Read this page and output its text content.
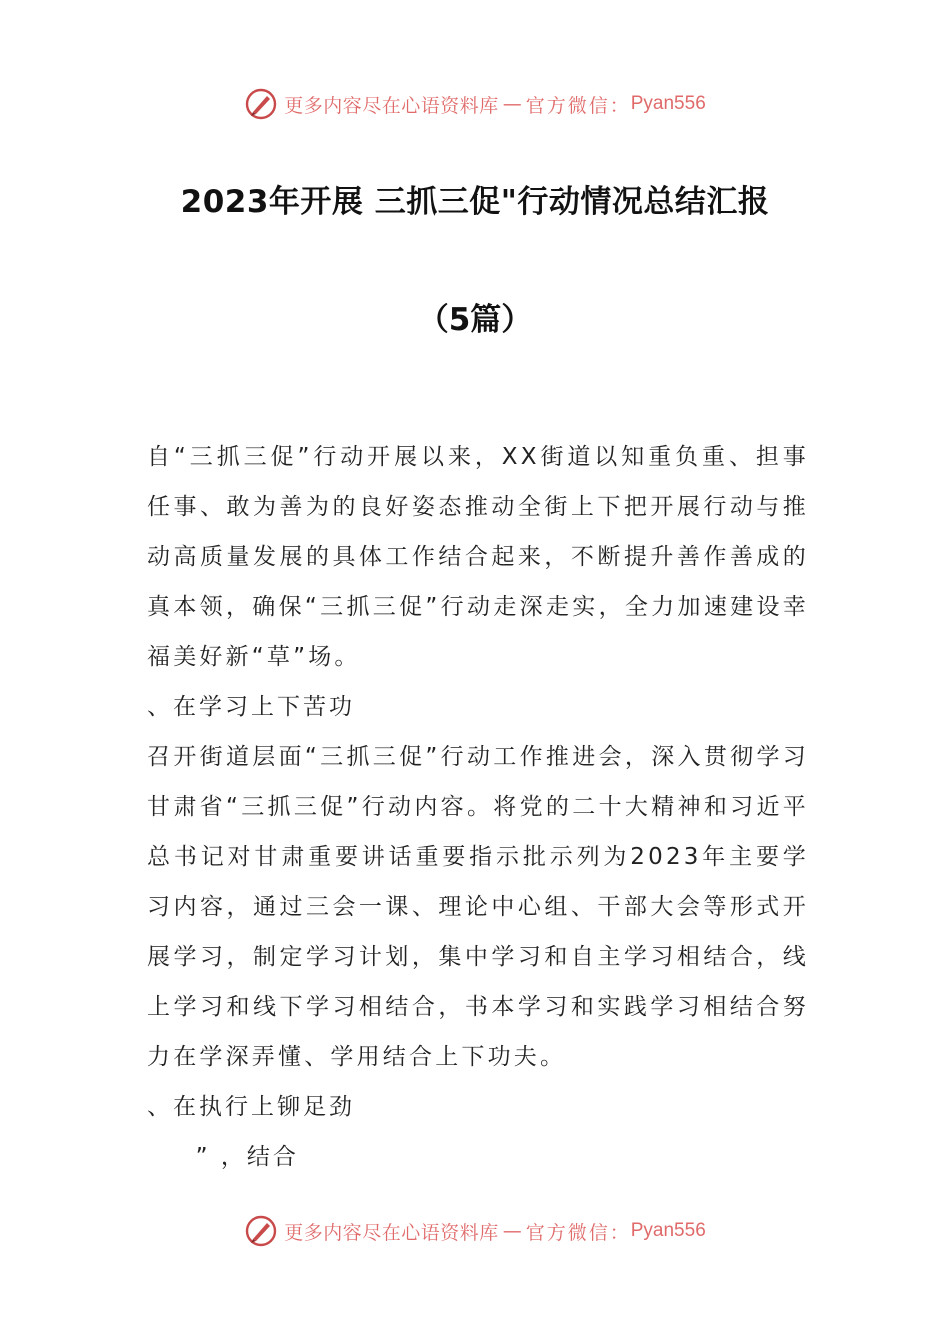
更多内容尽在心语资料库 — 官方微信： Pyan556
2023年开展 三抓三促"行动情况总结汇报
（5篇）

自“三抓三促”行动开展以来，XX街道以知重负重、担事任事、敢为善为的良好姿态推动全街上下把开展行动与推动高质量发展的具体工作结合起来，不断提升善作善成的真本领，确保“三抓三促”行动走深走实，全力加速建设幸福美好新“草”场。

、在学习上下苦功

召开街道层面“三抓三促”行动工作推进会，深入贯彻学习甘肃省“三抓三促”行动内容。将党的二十大精神和习近平总书记对甘肃重要讲话重要指示批示列为2023年主要学习内容，通过三会一课、理论中心组、干部大会等形式开展学习，制定学习计划，集中学习和自主学习相结合，线上学习和线下学习相结合，书本学习和实践学习相结合努力在学深弄懂、学用结合上下功夫。

、在执行上铆足劲

” ，结合

更多内容尽在心语资料库 — 官方微信： Pyan556
